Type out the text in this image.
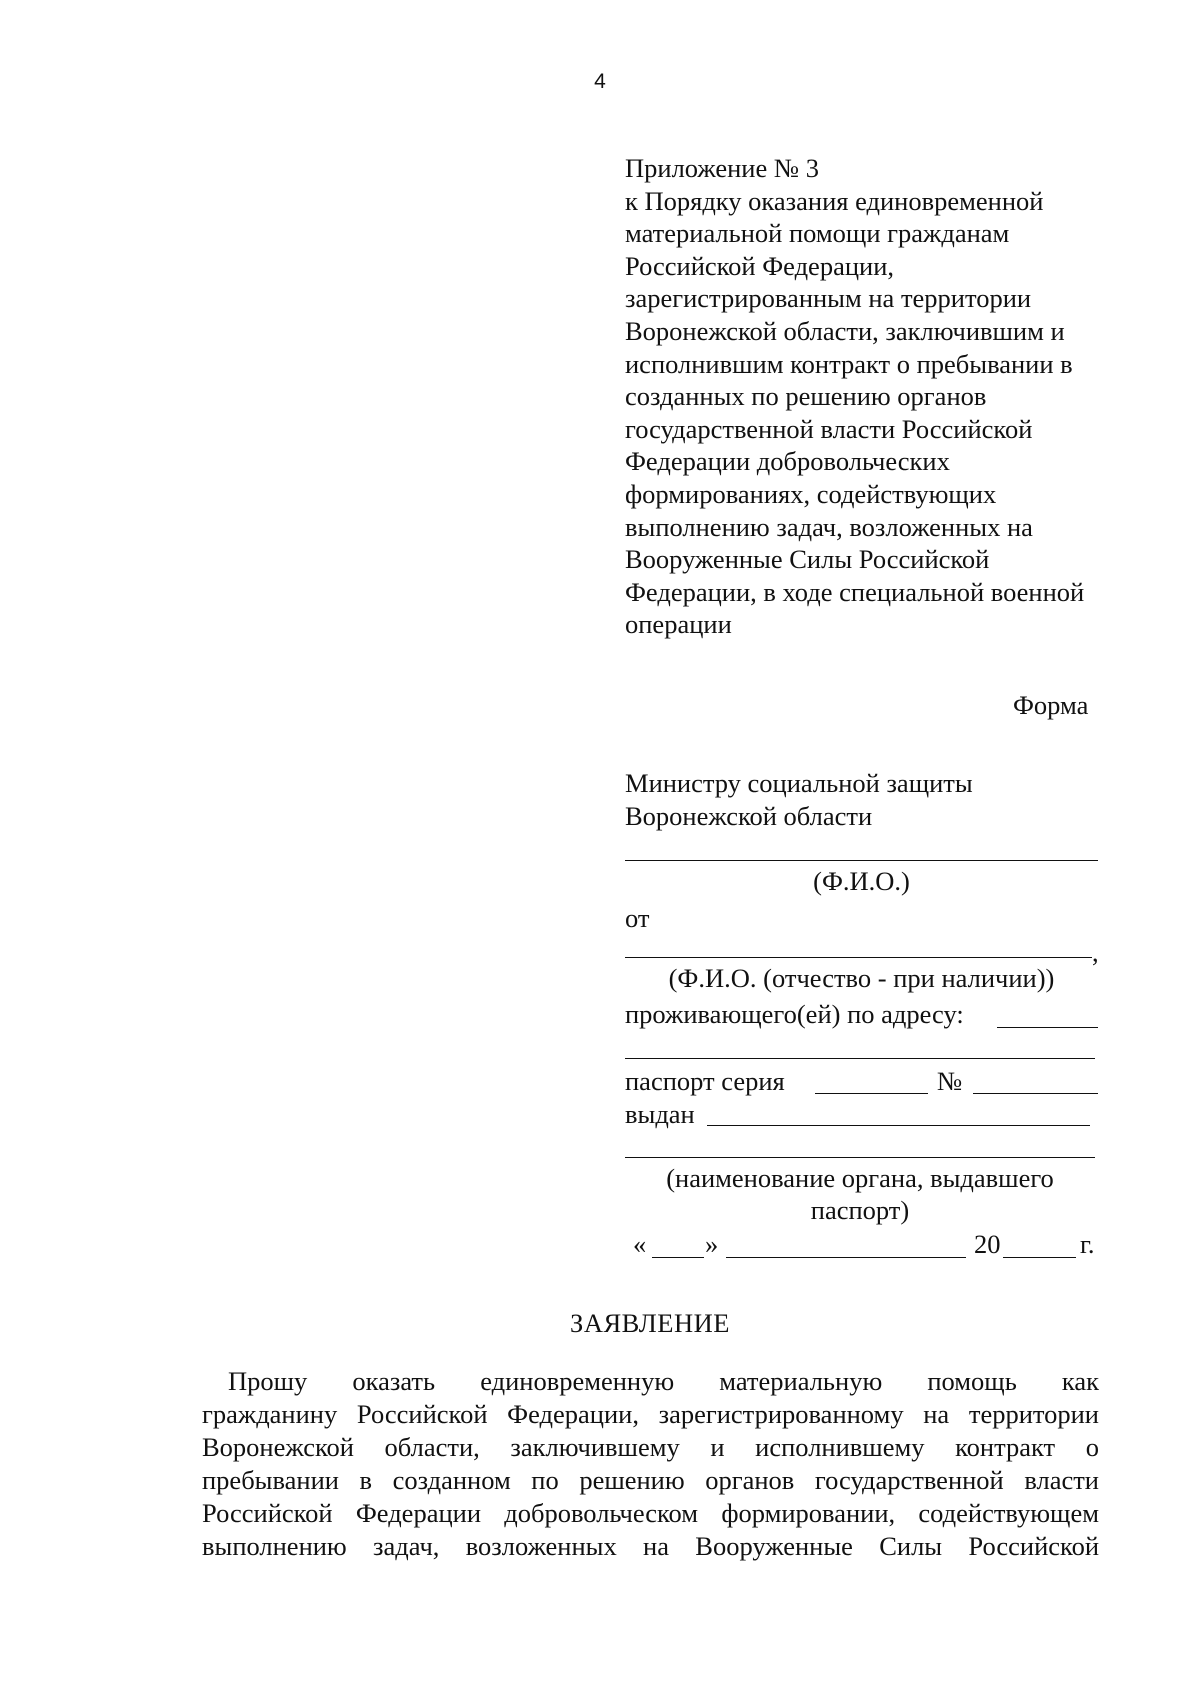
4
Приложение № 3
к Порядку оказания единовременной
материальной помощи гражданам
Российской Федерации,
зарегистрированным на территории
Воронежской области, заключившим и
исполнившим контракт о пребывании в
созданных по решению органов
государственной власти Российской
Федерации добровольческих
формированиях, содействующих
выполнению задач, возложенных на
Вооруженные Силы Российской
Федерации, в ходе специальной военной
операции
Форма
Министру социальной защиты
Воронежской области
(Ф.И.О.)
от
,
(Ф.И.О. (отчество - при наличии))
проживающего(ей) по адресу:
паспорт серия	№
выдан
(наименование органа, выдавшего
паспорт)
« »	20	г.
ЗАЯВЛЕНИЕ

Прошу оказать единовременную материальную помощь как

гражданину Российской Федерации, зарегистрированному на территории

Воронежской области, заключившему и исполнившему контракт о

пребывании в созданном по решению органов государственной власти

Российской Федерации добровольческом формировании, содействующем

выполнению задач, возложенных на Вооруженные Силы Российской
